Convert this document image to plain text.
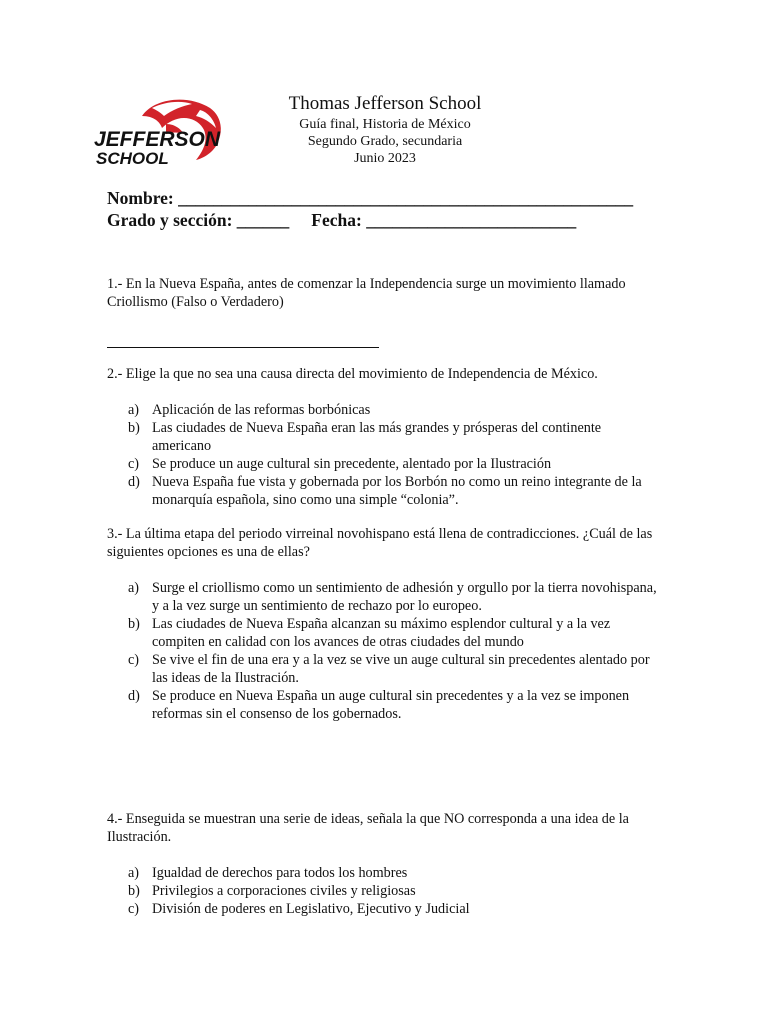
JEFFERSON
SCHOOL

Thomas Jefferson School

Guía final, Historia de México

Segundo Grado, secundaria

Junio 2023

Nombre: ____________________________________________________
Grado y sección: ______ Fecha: ________________________

1.- En la Nueva España, antes de comenzar la Independencia surge un movimiento llamado Criollismo (Falso o Verdadero)

2.- Elige la que no sea una causa directa del movimiento de Independencia de México.

a) Aplicación de las reformas borbónicas
b) Las ciudades de Nueva España eran las más grandes y prósperas del continente americano
c) Se produce un auge cultural sin precedente, alentado por la Ilustración
d) Nueva España fue vista y gobernada por los Borbón no como un reino integrante de la monarquía española, sino como una simple “colonia”.

3.- La última etapa del periodo virreinal novohispano está llena de contradicciones. ¿Cuál de las siguientes opciones es una de ellas?

a) Surge el criollismo como un sentimiento de adhesión y orgullo por la tierra novohispana, y a la vez surge un sentimiento de rechazo por lo europeo.
b) Las ciudades de Nueva España alcanzan su máximo esplendor cultural y a la vez compiten en calidad con los avances de otras ciudades del mundo
c) Se vive el fin de una era y a la vez se vive un auge cultural sin precedentes alentado por las ideas de la Ilustración.
d) Se produce en Nueva España un auge cultural sin precedentes y a la vez se imponen reformas sin el consenso de los gobernados.

4.- Enseguida se muestran una serie de ideas, señala la que NO corresponda a una idea de la Ilustración.

a) Igualdad de derechos para todos los hombres
b) Privilegios a corporaciones civiles y religiosas
c) División de poderes en Legislativo, Ejecutivo y Judicial
